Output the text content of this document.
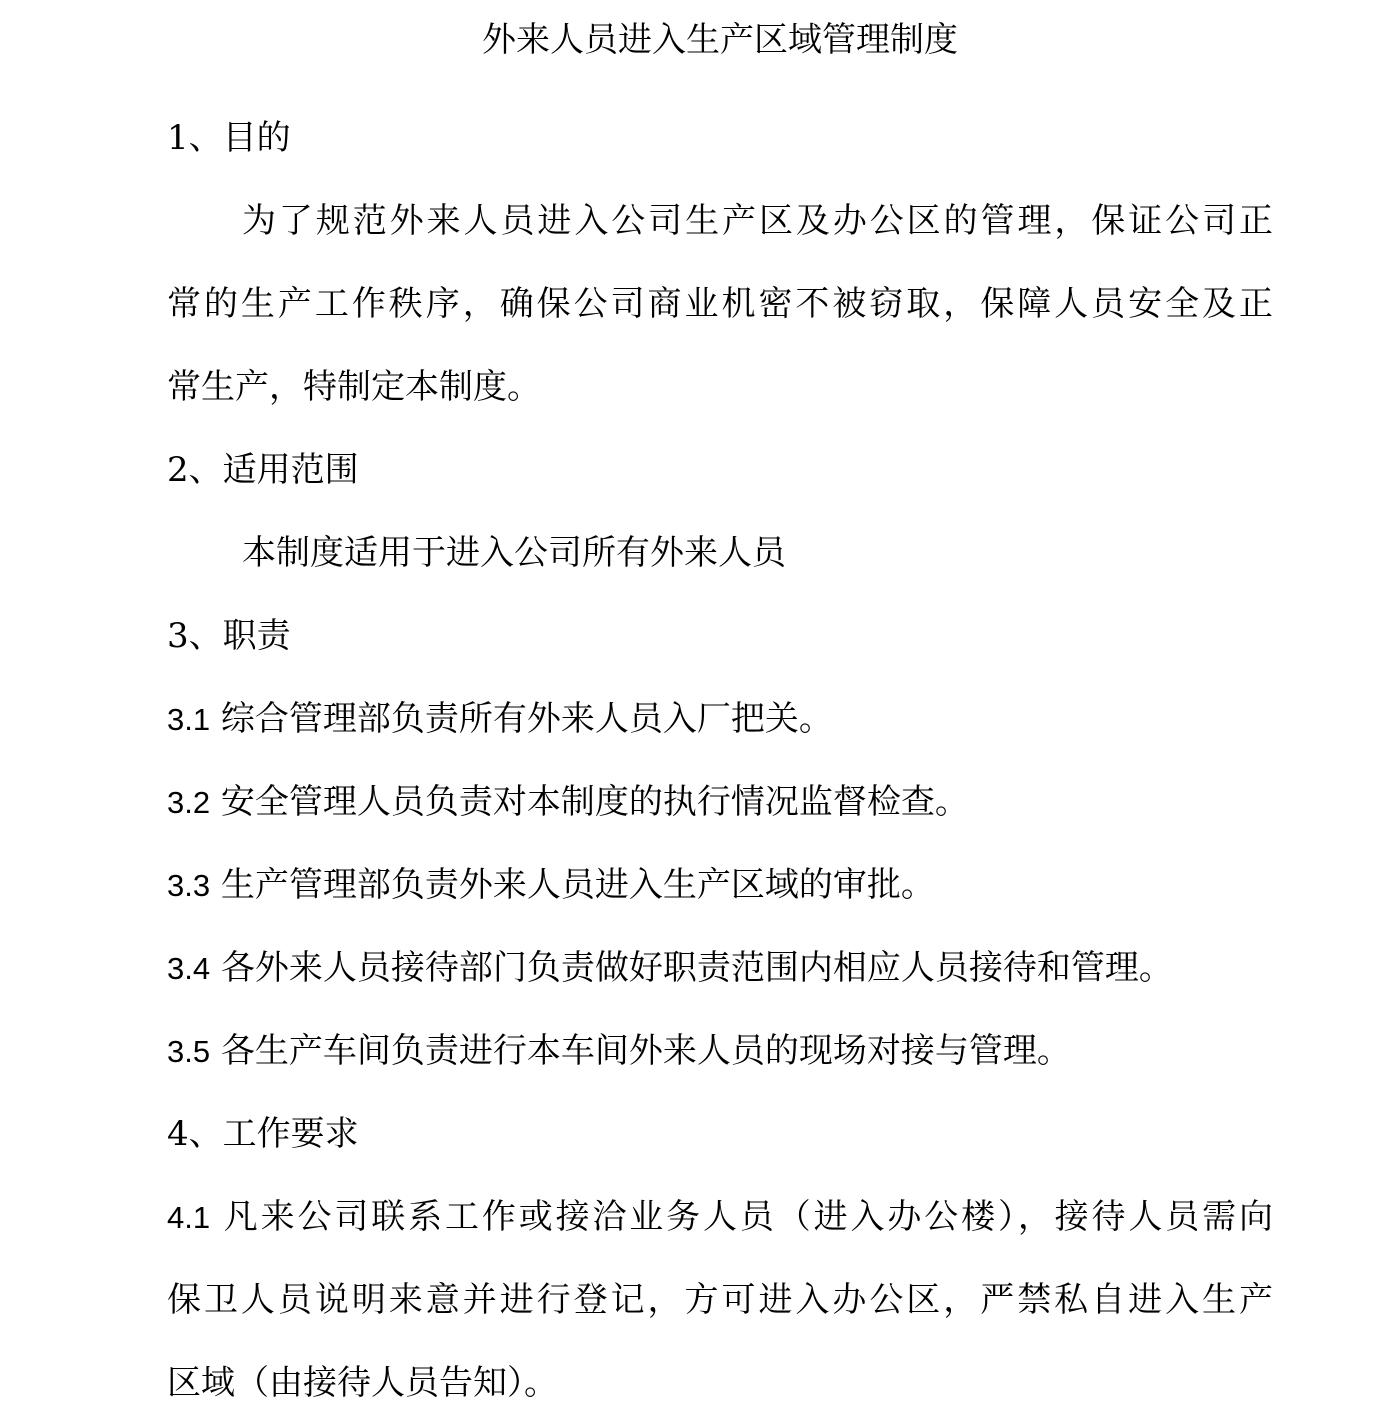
外来人员进入生产区域管理制度
1、目的
为了规范外来人员进入公司生产区及办公区的管理，保证公司正
常的生产工作秩序，确保公司商业机密不被窃取，保障人员安全及正
常生产，特制定本制度。
2、适用范围
本制度适用于进入公司所有外来人员
3、职责
3.1 综合管理部负责所有外来人员入厂把关。
3.2 安全管理人员负责对本制度的执行情况监督检查。
3.3 生产管理部负责外来人员进入生产区域的审批。
3.4 各外来人员接待部门负责做好职责范围内相应人员接待和管理。
3.5 各生产车间负责进行本车间外来人员的现场对接与管理。
4、工作要求
4.1 凡来公司联系工作或接洽业务人员（进入办公楼），接待人员需向
保卫人员说明来意并进行登记，方可进入办公区，严禁私自进入生产
区域（由接待人员告知）。
